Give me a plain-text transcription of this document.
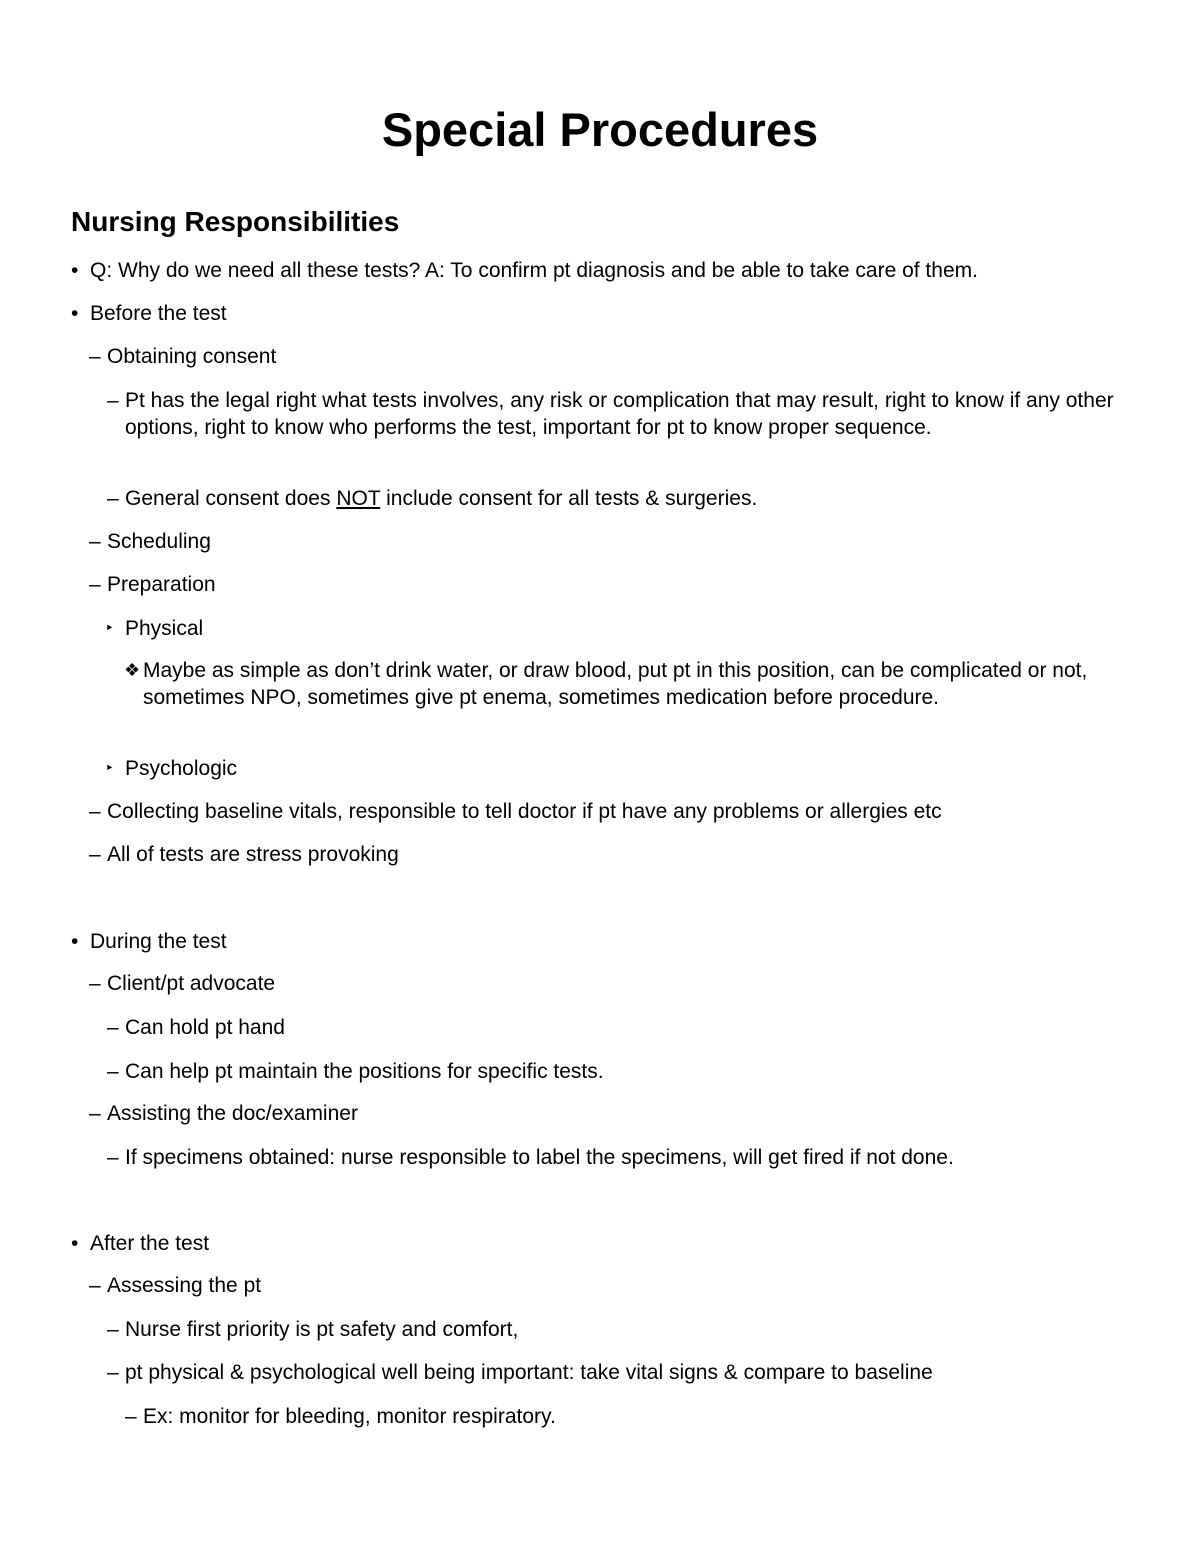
Special Procedures
Nursing Responsibilities
• Q: Why do we need all these tests? A: To confirm pt diagnosis and be able to take care of them.
• Before the test
– Obtaining consent
– Pt has the legal right what tests involves, any risk or complication that may result, right to know if any other options, right to know who performs the test, important for pt to know proper sequence.
– General consent does NOT include consent for all tests & surgeries.
– Scheduling
– Preparation
‣ Physical
❖ Maybe as simple as don’t drink water, or draw blood, put pt in this position, can be complicated or not, sometimes NPO, sometimes give pt enema, sometimes medication before procedure.
‣ Psychologic
– Collecting baseline vitals, responsible to tell doctor if pt have any problems or allergies etc
– All of tests are stress provoking
• During the test
– Client/pt advocate
– Can hold pt hand
– Can help pt maintain the positions for specific tests.
– Assisting the doc/examiner
– If specimens obtained: nurse responsible to label the specimens, will get fired if not done.
• After the test
– Assessing the pt
– Nurse first priority is pt safety and comfort,
– pt physical & psychological well being important: take vital signs & compare to baseline
– Ex: monitor for bleeding, monitor respiratory.
